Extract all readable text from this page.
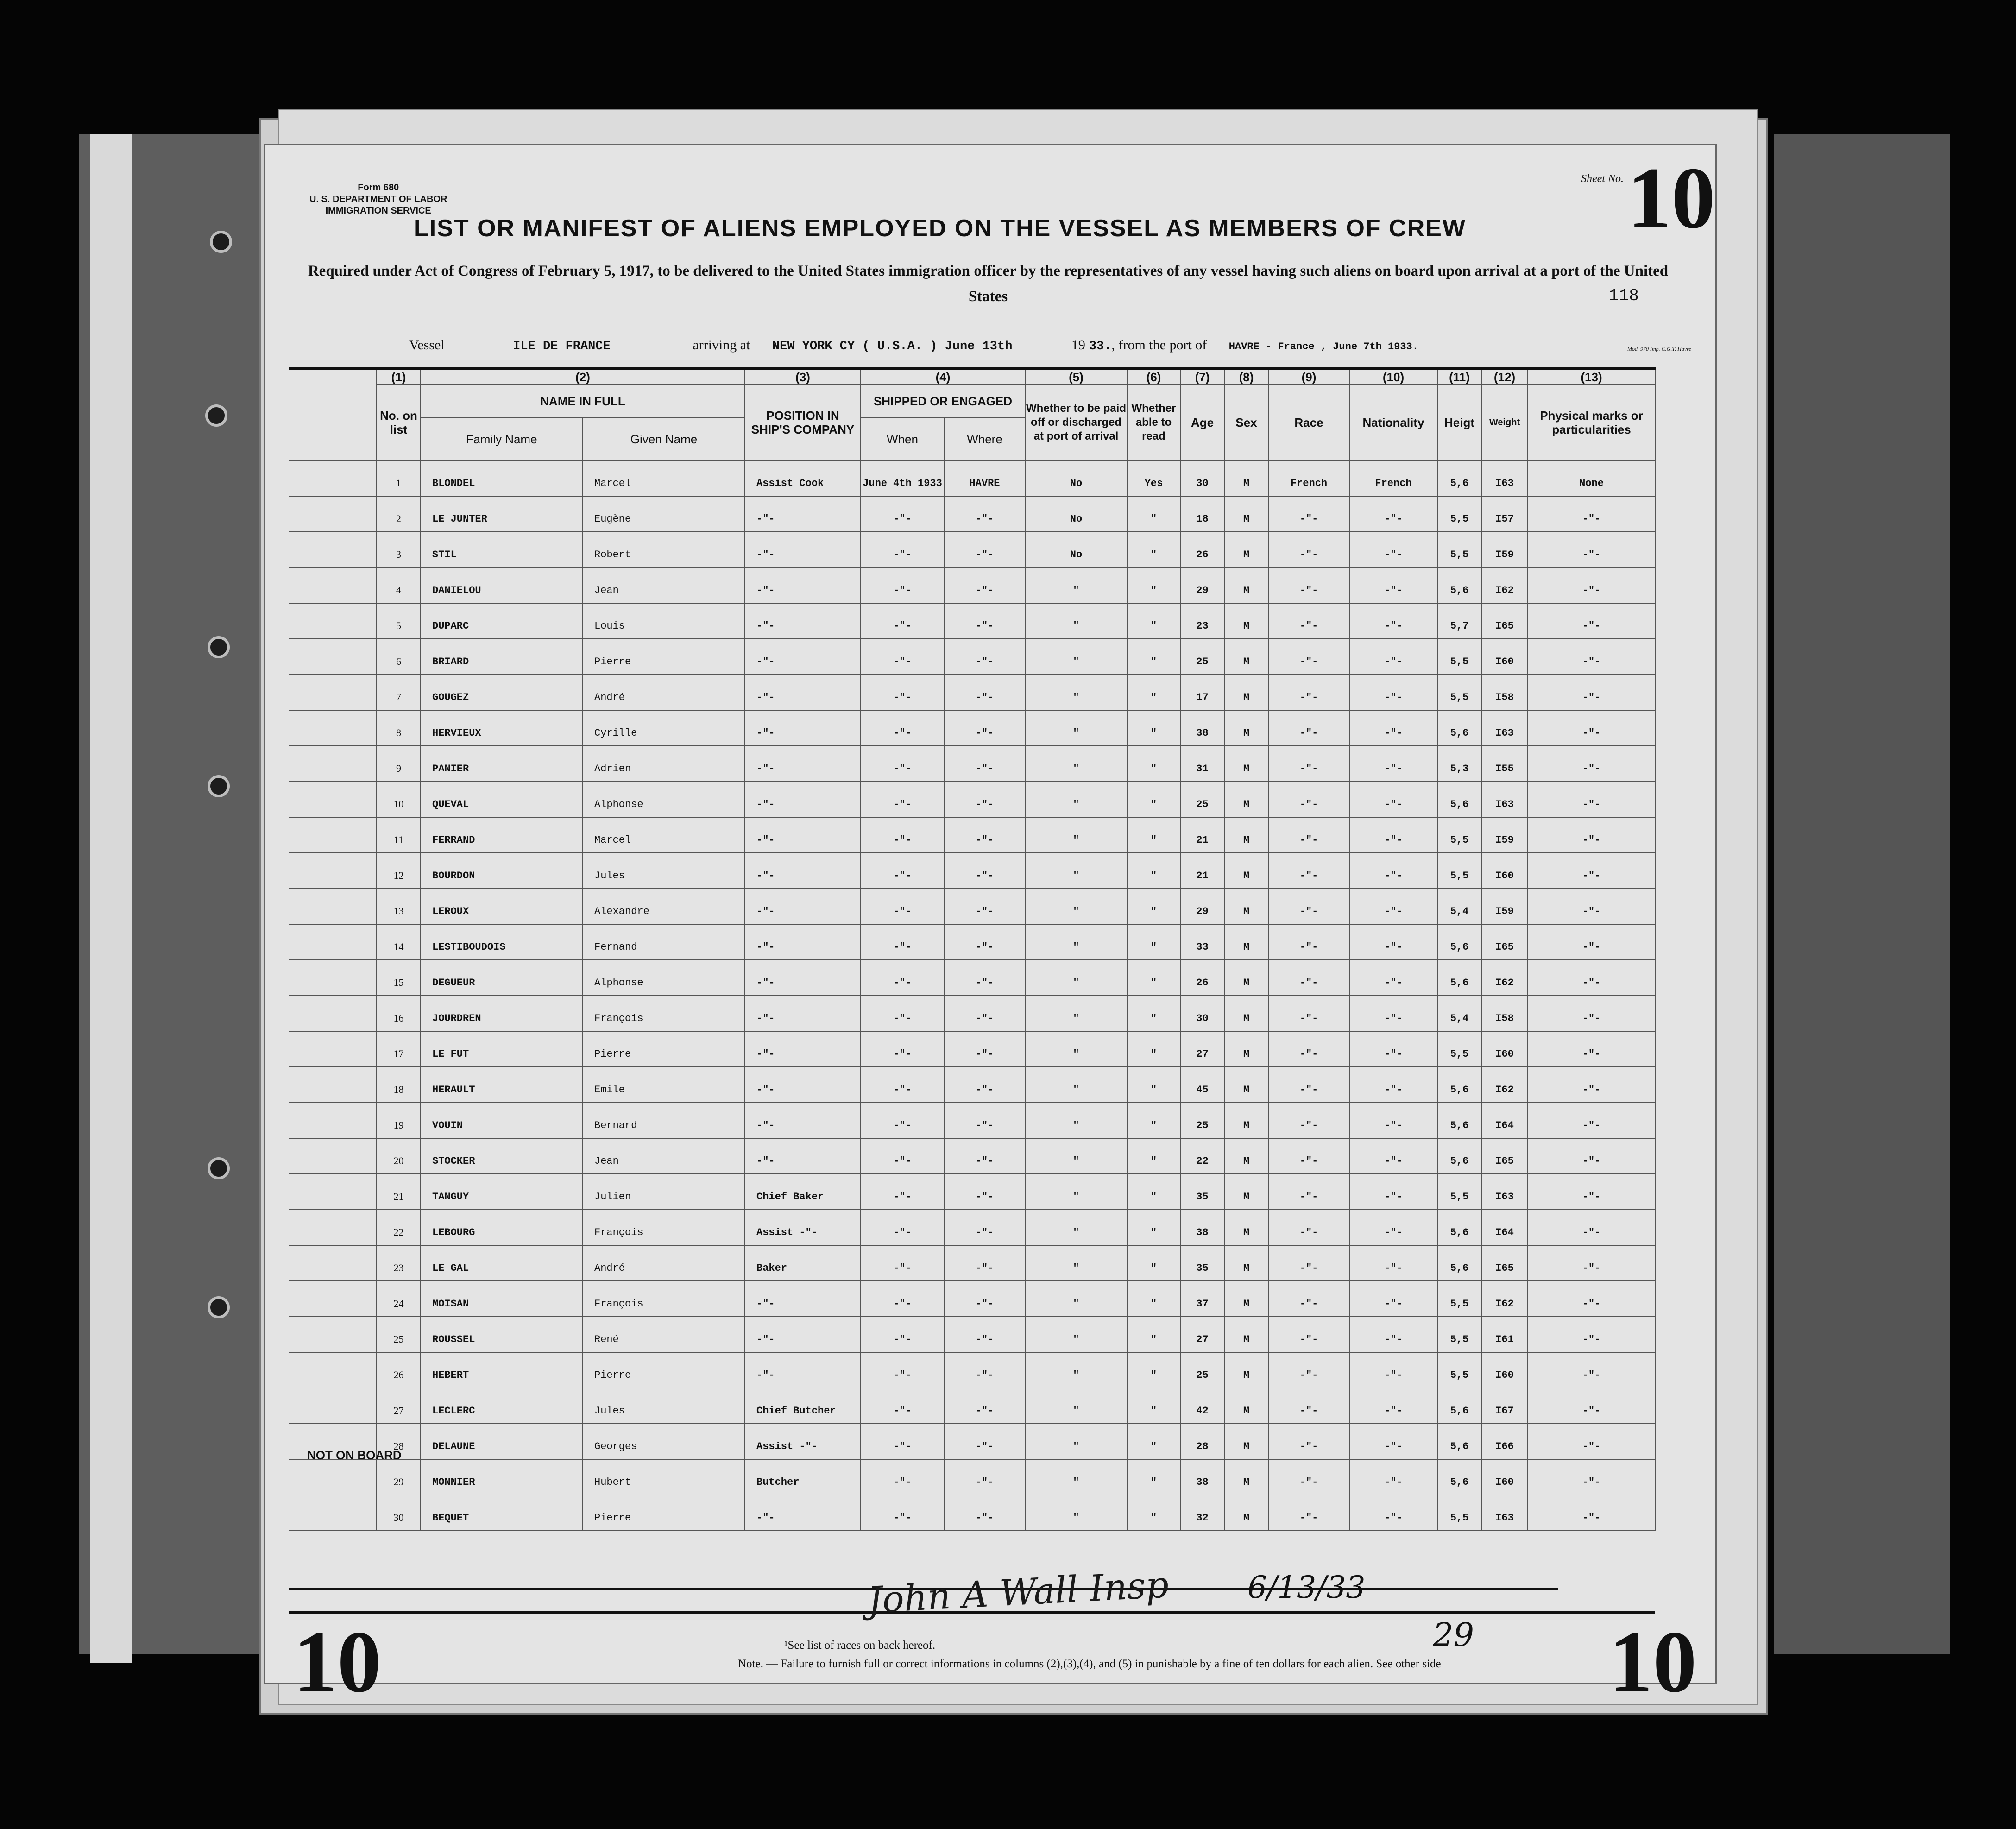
Form 680
U. S. DEPARTMENT OF LABOR
IMMIGRATION SERVICE
LIST OR MANIFEST OF ALIENS EMPLOYED ON THE VESSEL AS MEMBERS OF CREW
Sheet No. 10
Required under Act of Congress of February 5, 1917, to be delivered to the United States immigration officer by the representatives of any vessel having such aliens on board upon arrival at a port of the United States	118
Vessel	ILE DE FRANCE	arriving at NEW YORK CY ( U.S.A. ) June 13th	19 33., from the port of HAVRE - France , June 7th 1933.	Mod. 970 Imp. C.G.T. Havre
	(1)	(2)		(3)	(4)		(5)	(6)	(7)	(8)	(9)	(10)	(11)	(12)	(13)
	No. on list	NAME IN FULL		POSITION IN SHIP'S COMPANY	SHIPPED OR ENGAGED		Whether to be paid off or discharged at port of arrival	Whether able to read	Age	Sex	Race	Nationality	Heigt	Weight	Physical marks or particularities
		Family Name	Given Name		When	Where									
	1	BLONDEL	Marcel	Assist Cook	June 4th 1933	HAVRE	No	Yes	30	M	French	French	5,6	I63	None
	2	LE JUNTER	Eugène	-"-	-"-	-"-	No	"	18	M	-"-	-"-	5,5	I57	-"-
	3	STIL	Robert	-"-	-"-	-"-	No	"	26	M	-"-	-"-	5,5	I59	-"-
	4	DANIELOU	Jean	-"-	-"-	-"-	"	"	29	M	-"-	-"-	5,6	I62	-"-
	5	DUPARC	Louis	-"-	-"-	-"-	"	"	23	M	-"-	-"-	5,7	I65	-"-
	6	BRIARD	Pierre	-"-	-"-	-"-	"	"	25	M	-"-	-"-	5,5	I60	-"-
	7	GOUGEZ	André	-"-	-"-	-"-	"	"	17	M	-"-	-"-	5,5	I58	-"-
	8	HERVIEUX	Cyrille	-"-	-"-	-"-	"	"	38	M	-"-	-"-	5,6	I63	-"-
	9	PANIER	Adrien	-"-	-"-	-"-	"	"	31	M	-"-	-"-	5,3	I55	-"-
	10	QUEVAL	Alphonse	-"-	-"-	-"-	"	"	25	M	-"-	-"-	5,6	I63	-"-
	11	FERRAND	Marcel	-"-	-"-	-"-	"	"	21	M	-"-	-"-	5,5	I59	-"-
	12	BOURDON	Jules	-"-	-"-	-"-	"	"	21	M	-"-	-"-	5,5	I60	-"-
	13	LEROUX	Alexandre	-"-	-"-	-"-	"	"	29	M	-"-	-"-	5,4	I59	-"-
	14	LESTIBOUDOIS	Fernand	-"-	-"-	-"-	"	"	33	M	-"-	-"-	5,6	I65	-"-
	15	DEGUEUR	Alphonse	-"-	-"-	-"-	"	"	26	M	-"-	-"-	5,6	I62	-"-
	16	JOURDREN	François	-"-	-"-	-"-	"	"	30	M	-"-	-"-	5,4	I58	-"-
	17	LE FUT	Pierre	-"-	-"-	-"-	"	"	27	M	-"-	-"-	5,5	I60	-"-
	18	HERAULT	Emile	-"-	-"-	-"-	"	"	45	M	-"-	-"-	5,6	I62	-"-
	19	VOUIN	Bernard	-"-	-"-	-"-	"	"	25	M	-"-	-"-	5,6	I64	-"-
	20	STOCKER	Jean	-"-	-"-	-"-	"	"	22	M	-"-	-"-	5,6	I65	-"-
	21	TANGUY	Julien	Chief Baker	-"-	-"-	"	"	35	M	-"-	-"-	5,5	I63	-"-
	22	LEBOURG	François	Assist -"-	-"-	-"-	"	"	38	M	-"-	-"-	5,6	I64	-"-
	23	LE GAL	André	Baker	-"-	-"-	"	"	35	M	-"-	-"-	5,6	I65	-"-
	24	MOISAN	François	-"-	-"-	-"-	"	"	37	M	-"-	-"-	5,5	I62	-"-
	25	ROUSSEL	René	-"-	-"-	-"-	"	"	27	M	-"-	-"-	5,5	I61	-"-
	26	HEBERT	Pierre	-"-	-"-	-"-	"	"	25	M	-"-	-"-	5,5	I60	-"-
	27	LECLERC	Jules	Chief Butcher	-"-	-"-	"	"	42	M	-"-	-"-	5,6	I67	-"-
	28	DELAUNE	Georges	Assist -"-	-"-	-"-	"	"	28	M	-"-	-"-	5,6	I66	-"-
	29	MONNIER	Hubert	Butcher	-"-	-"-	"	"	38	M	-"-	-"-	5,6	I60	-"-
	30	BEQUET	Pierre	-"-	-"-	-"-	"	"	32	M	-"-	-"-	5,5	I63	-"-
NOT ON BOARD
John A Wall Insp	6/13/33
29
10	10
¹See list of races on back hereof.
Note. — Failure to furnish full or correct informations in columns (2),(3),(4), and (5) in punishable by a fine of ten dollars for each alien. See other side
